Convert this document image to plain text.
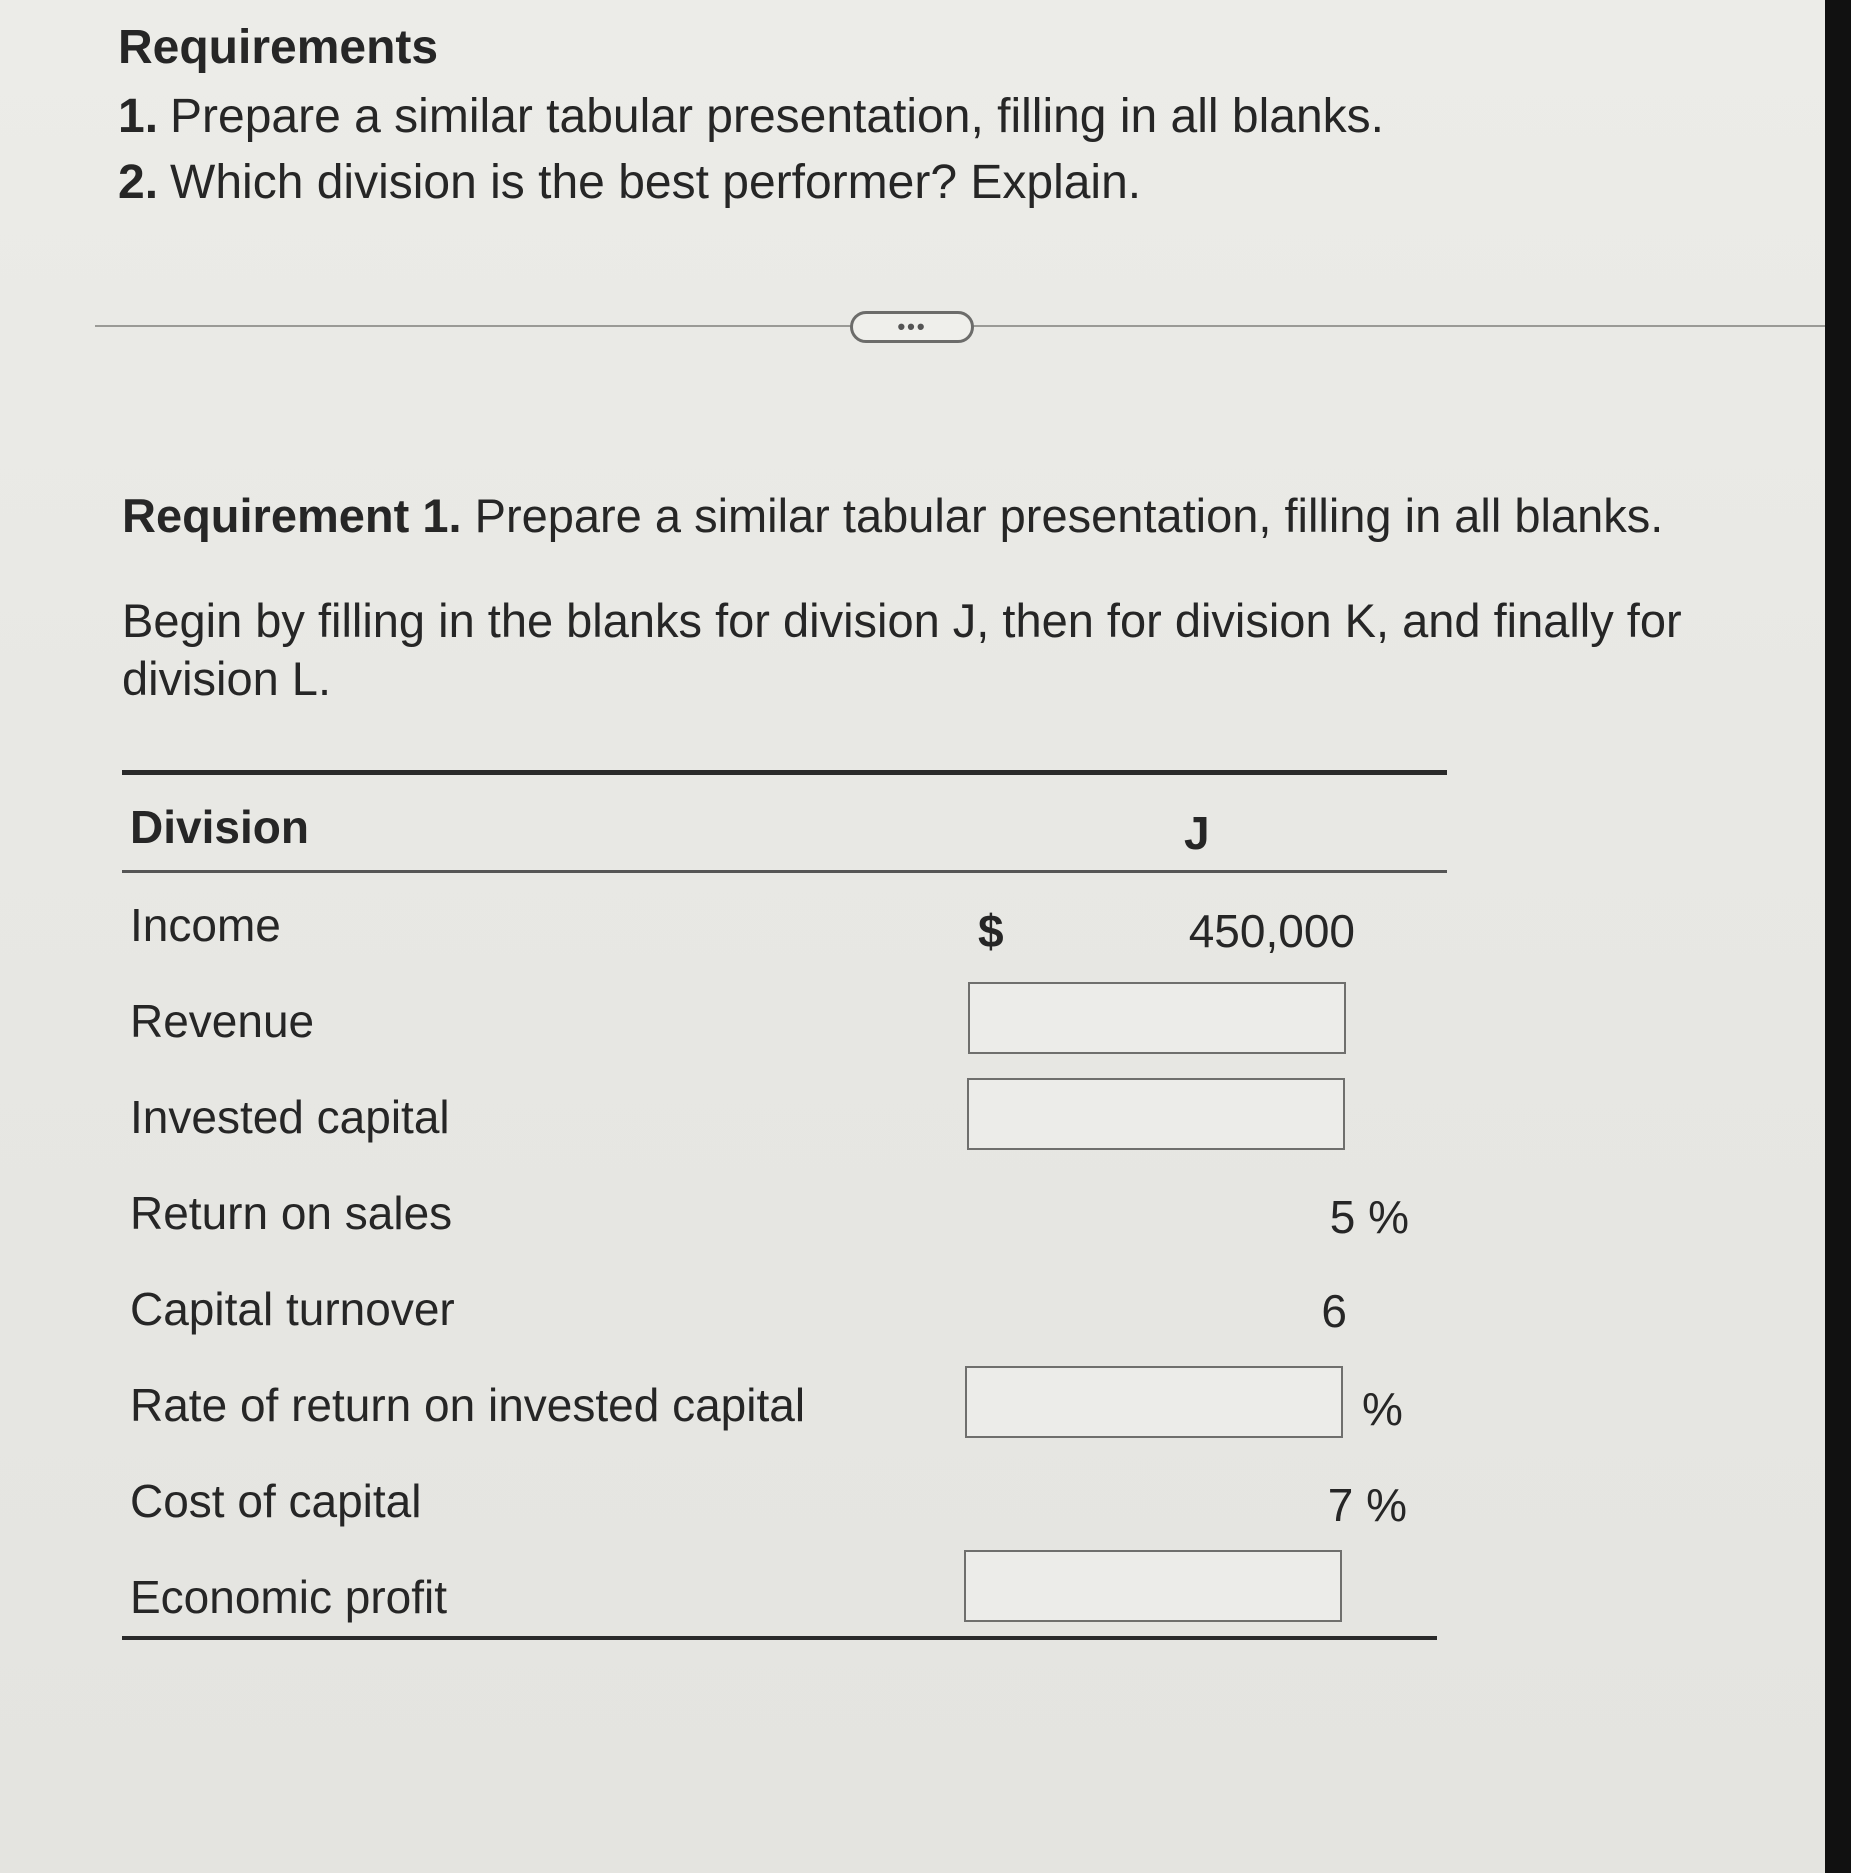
Requirements
1. Prepare a similar tabular presentation, filling in all blanks.
2. Which division is the best performer? Explain.
•••

Requirement 1. Prepare a similar tabular presentation, filling in all blanks.

Begin by filling in the blanks for division J, then for division K, and finally for division L.

Division	J
Income	$	450,000
Revenue
Invested capital
Return on sales	5 %
Capital turnover	6
Rate of return on invested capital	%
Cost of capital	7 %
Economic profit
